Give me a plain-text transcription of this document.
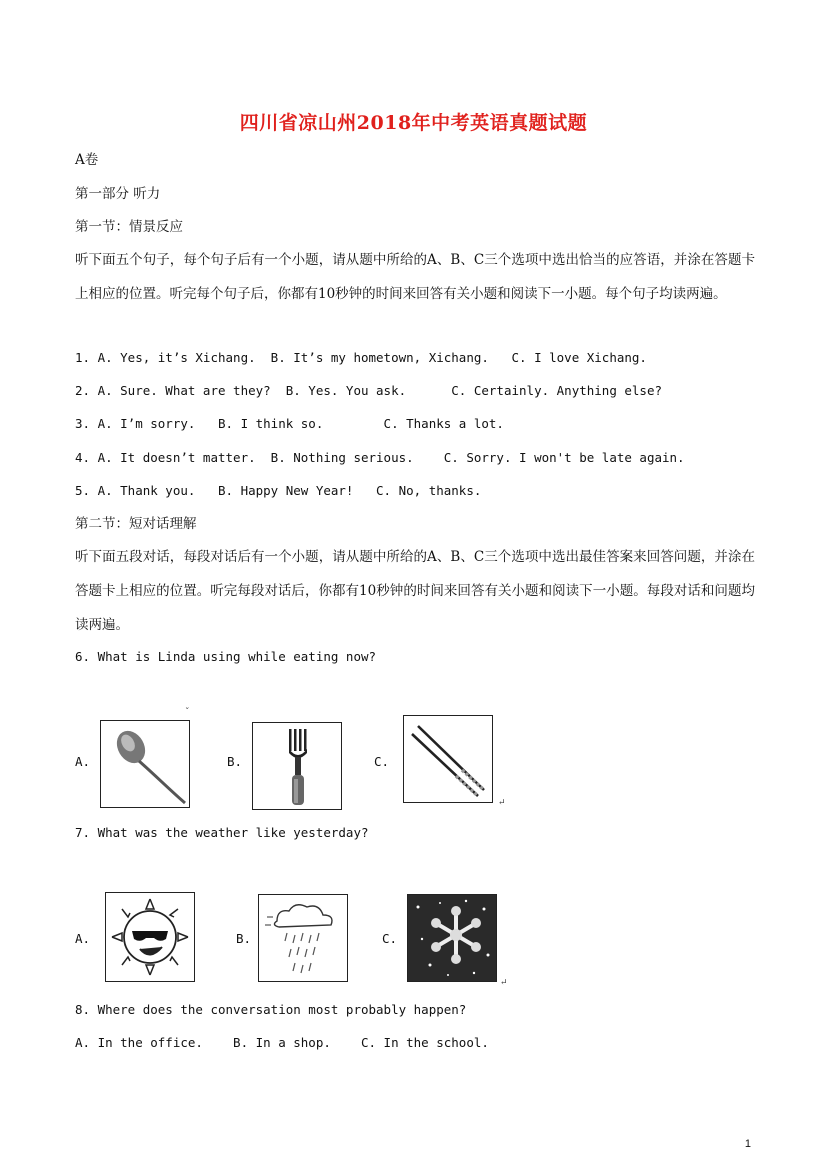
四川省凉山州2018年中考英语真题试题
A卷
第一部分 听力
第一节：情景反应
听下面五个句子，每个句子后有一个小题，请从题中所给的A、B、C三个选项中选出恰当的应答语，并涂在答题卡上相应的位置。听完每个句子后，你都有10秒钟的时间来回答有关小题和阅读下一小题。每个句子均读两遍。
1. A. Yes, it’s Xichang.  B. It’s my hometown, Xichang.   C. I love Xichang.
2. A. Sure. What are they?  B. Yes. You ask.      C. Certainly. Anything else?
3. A. I’m sorry.   B. I think so.        C. Thanks a lot.
4. A. It doesn’t matter.  B. Nothing serious.    C. Sorry. I won't be late again.
5. A. Thank you.   B. Happy New Year!   C. No, thanks.
第二节：短对话理解
听下面五段对话，每段对话后有一个小题，请从题中所给的A、B、C三个选项中选出最佳答案来回答问题，并涂在答题卡上相应的位置。听完每段对话后，你都有10秒钟的时间来回答有关小题和阅读下一小题。每段对话和问题均读两遍。
6. What is Linda using while eating now?
A.
ˇ
B.	C.
↵
7. What was the weather like yesterday?
A.	B.	C.
↵
8. Where does the conversation most probably happen?
A. In the office.    B. In a shop.    C. In the school.
1
